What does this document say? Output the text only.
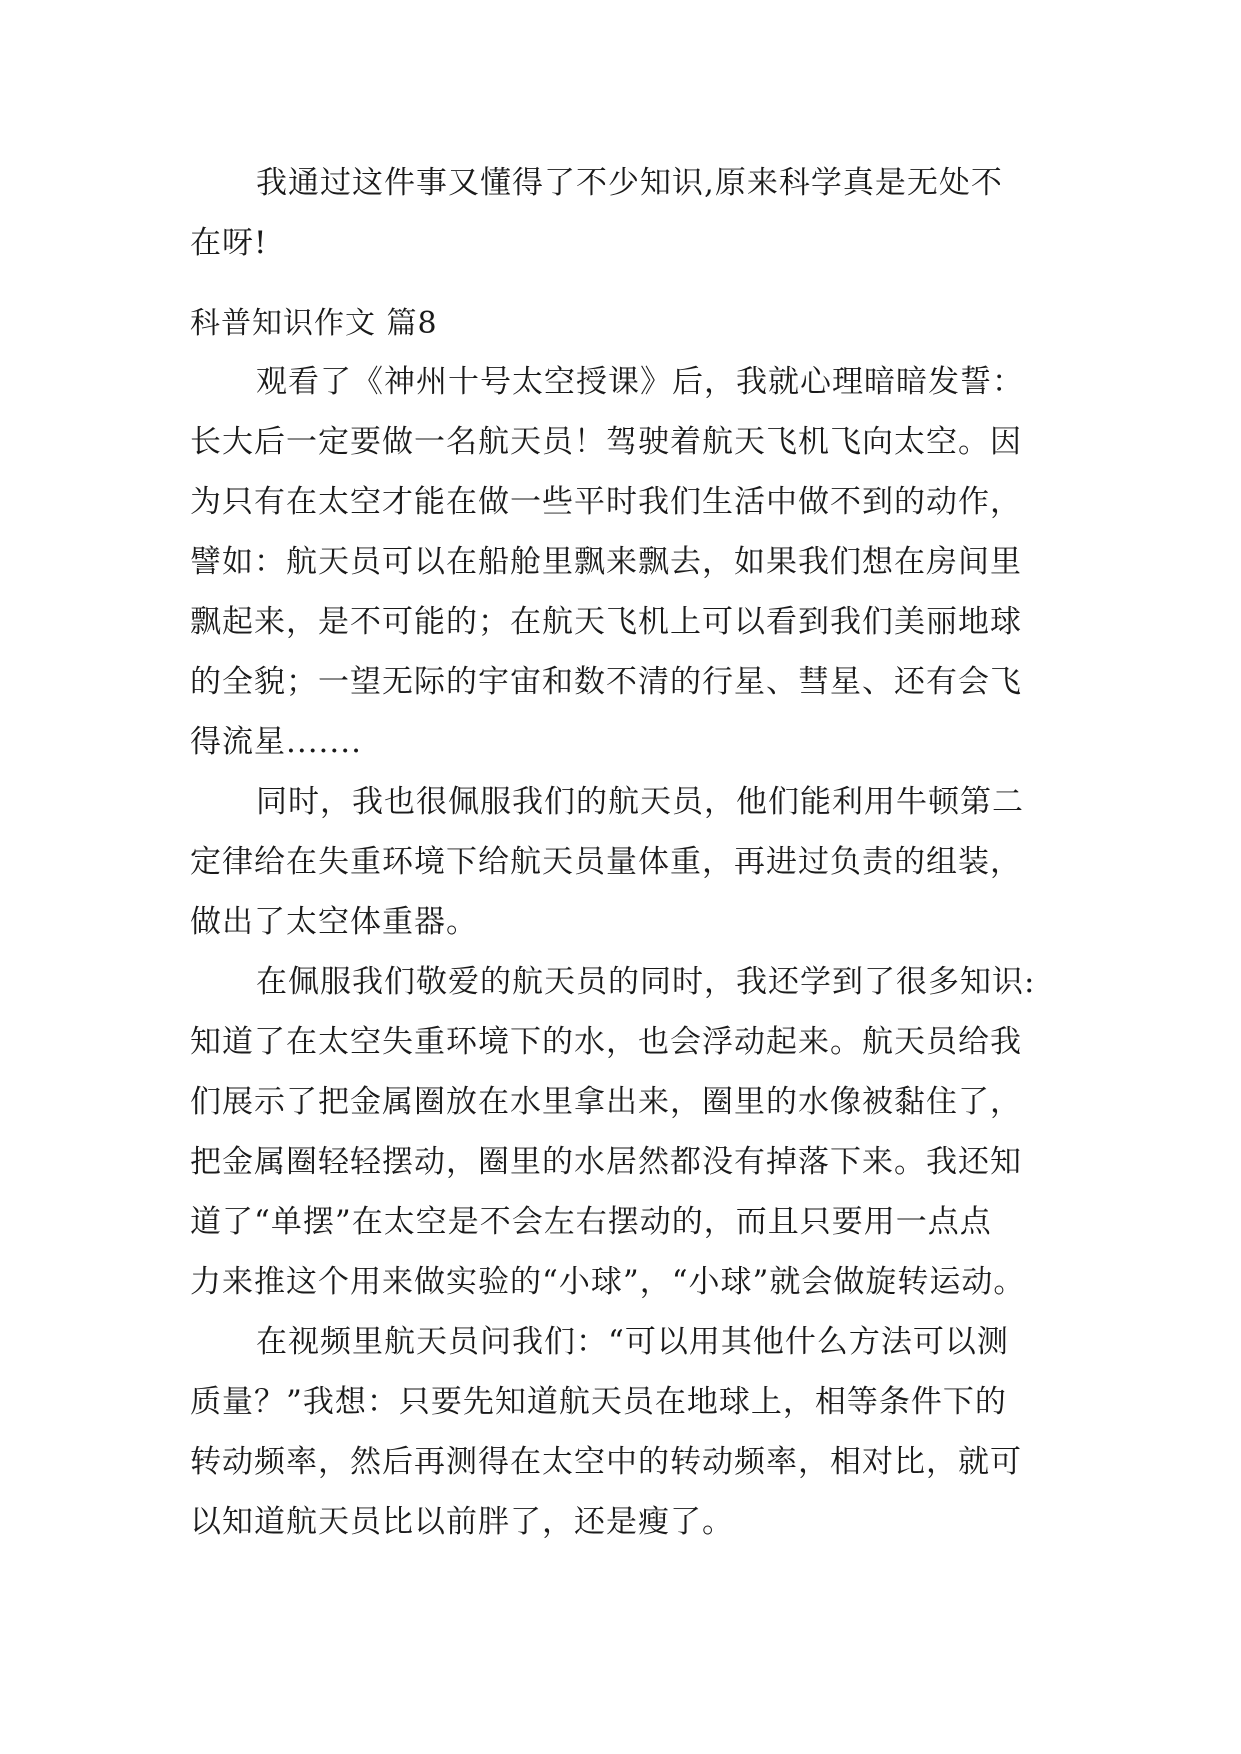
我通过这件事又懂得了不少知识,原来科学真是无处不
在呀!
科普知识作文 篇8
观看了《神州十号太空授课》后，我就心理暗暗发誓：
长大后一定要做一名航天员！驾驶着航天飞机飞向太空。因
为只有在太空才能在做一些平时我们生活中做不到的动作，
譬如：航天员可以在船舱里飘来飘去，如果我们想在房间里
飘起来，是不可能的；在航天飞机上可以看到我们美丽地球
的全貌；一望无际的宇宙和数不清的行星、彗星、还有会飞
得流星.......
同时，我也很佩服我们的航天员，他们能利用牛顿第二
定律给在失重环境下给航天员量体重，再进过负责的组装，
做出了太空体重器。
在佩服我们敬爱的航天员的同时，我还学到了很多知识:
知道了在太空失重环境下的水，也会浮动起来。航天员给我
们展示了把金属圈放在水里拿出来，圈里的水像被黏住了，
把金属圈轻轻摆动，圈里的水居然都没有掉落下来。我还知
道了“单摆”在太空是不会左右摆动的，而且只要用一点点
力来推这个用来做实验的“小球”，“小球”就会做旋转运动。
在视频里航天员问我们：“可以用其他什么方法可以测
质量？”我想：只要先知道航天员在地球上，相等条件下的
转动频率，然后再测得在太空中的转动频率，相对比，就可
以知道航天员比以前胖了，还是瘦了。
